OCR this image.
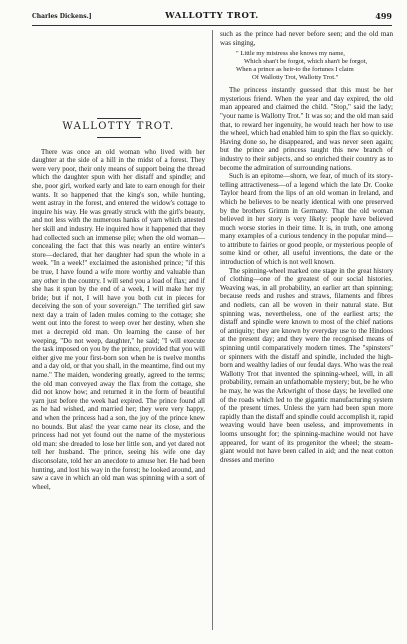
Charles Dickens.]	WALLOTTY TROT.	499
WALLOTTY TROT.

There was once an old woman who lived with her daughter at the side of a hill in the midst of a forest. They were very poor, their only means of support being the thread which the daughter spun with her distaff and spindle; and she, poor girl, worked early and late to earn enough for their wants. It so happened that the king's son, while hunting, went astray in the forest, and entered the widow's cottage to inquire his way. He was greatly struck with the girl's beauty, and not less with the numerous hanks of yarn which attested her skill and industry. He inquired how it happened that they had collected such an immense pile; when the old woman—concealing the fact that this was nearly an entire winter's store—declared, that her daughter had spun the whole in a week. "In a week!" exclaimed the astonished prince; "if this be true, I have found a wife more worthy and valuable than any other in the country. I will send you a load of flax; and if she has it spun by the end of a week, I will make her my bride; but if not, I will have you both cut in pieces for deceiving the son of your sovereign." The terrified girl saw next day a train of laden mules coming to the cottage; she went out into the forest to weep over her destiny, when she met a decrepid old man. On learning the cause of her weeping, "Do not weep, daughter," he said; "I will execute the task imposed on you by the prince, provided that you will either give me your first-born son when he is twelve months and a day old, or that you shall, in the meantime, find out my name." The maiden, wondering greatly, agreed to the terms; the old man conveyed away the flax from the cottage, she did not know how; and returned it in the form of beautiful yarn just before the week had expired. The prince found all as he had wished, and married her; they were very happy, and when the princess had a son, the joy of the prince knew no bounds. But alas! the year came near its close, and the princess had not yet found out the name of the mysterious old man: she dreaded to lose her little son, and yet dared not tell her husband. The prince, seeing his wife one day disconsolate, told her an anecdote to amuse her. He had been hunting, and lost his way in the forest; he looked around, and saw a cave in which an old man was spinning with a sort of wheel,

such as the prince had never before seen; and the old man was singing,

" Little my mistress she knows my name,
Which shan't be forgot, which shan't be forgot,
When a prince as heir-to the fortunes I claim
Of Wallotty Trot, Wallotty Trot."

The princess instantly guessed that this must be her mysterious friend. When the year and day expired, the old man appeared and claimed the child. "Stop," said the lady; "your name is Wallotty Trot." It was so; and the old man said that, to reward her ingenuity, he would teach her how to use the wheel, which had enabled him to spin the flax so quickly. Having done so, he disappeared, and was never seen again; but the prince and princess taught this new branch of industry to their subjects, and so enriched their country as to become the admiration of surrounding nations.

Such is an epitome—shorn, we fear, of much of its story-telling attractiveness—of a legend which the late Dr. Cooke Taylor heard from the lips of an old woman in Ireland, and which he believes to be nearly identical with one preserved by the brothers Grimm in Germany. That the old woman believed in her story is very likely: people have believed much worse stories in their time. It is, in truth, one among many examples of a curious tendency in the popular mind—to attribute to fairies or good people, or mysterious people of some kind or other, all useful inventions, the date or the introduction of which is not well known.

The spinning-wheel marked one stage in the great history of clothing—one of the greatest of our social histories. Weaving was, in all probability, an earlier art than spinning; because reeds and rushes and straws, filaments and fibres and nodlets, can all be woven in their natural state. But spinning was, nevertheless, one of the earliest arts; the distaff and spindle were known to most of the chief nations of antiquity; they are known by everyday use to the Hindoos at the present day; and they were the recognised means of spinning until comparatively modern times. The "spinsters" or spinners with the distaff and spindle, included the high-born and wealthy ladies of our feudal days. Who was the real Wallotty Trot that invented the spinning-wheel, will, in all probability, remain an unfathomable mystery; but, be he who he may, he was the Arkwright of those days; he levelled one of the roads which led to the gigantic manufacturing system of the present times. Unless the yarn had been spun more rapidly than the distaff and spindle could accomplish it, rapid weaving would have been useless, and improvements in looms unsought for; the spinning-machine would not have appeared, for want of its progenitor the wheel; the steam-giant would not have been called in aid; and the neat cotton dresses and merino
